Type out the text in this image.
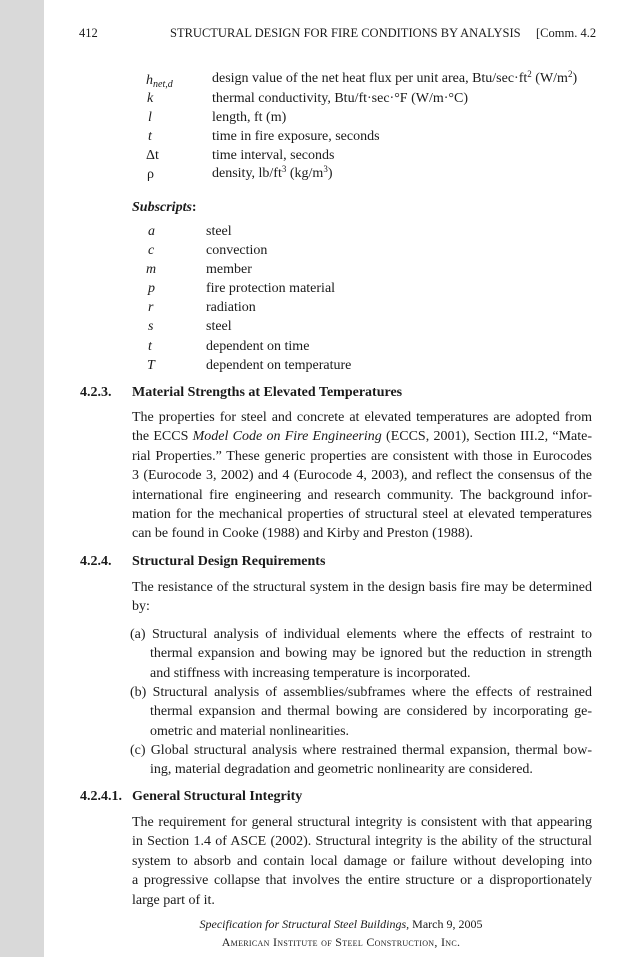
412	STRUCTURAL DESIGN FOR FIRE CONDITIONS BY ANALYSIS [Comm. 4.2
$h_{net,d}$	design value of the net heat flux per unit area, Btu/$\sec\cdot ft^2$ $(W/m^2)$
k	thermal conductivity, Btu/ft·sec·°F (W/m·°C)
l	length, ft (m)
t	time in fire exposure, seconds
Δt	time interval, seconds
ρ	density, $lb/ft^3$ $(kg/m^3)$
Subscripts:
a	steel
c	convection
m	member
p	fire protection material
r	radiation
s	steel
t	dependent on time
T	dependent on temperature
4.2.3. Material Strengths at Elevated Temperatures
The properties for steel and concrete at elevated temperatures are adopted from
the ECCS Model Code on Fire Engineering (ECCS, 2001), Section III.2, “Mate-
rial Properties.” These generic properties are consistent with those in Eurocodes
3 (Eurocode 3, 2002) and 4 (Eurocode 4, 2003), and reflect the consensus of the
international fire engineering and research community. The background infor-
mation for the mechanical properties of structural steel at elevated temperatures
can be found in Cooke (1988) and Kirby and Preston (1988).
4.2.4. Structural Design Requirements
The resistance of the structural system in the design basis fire may be determined
by:
(a) Structural analysis of individual elements where the effects of restraint to
thermal expansion and bowing may be ignored but the reduction in strength
and stiffness with increasing temperature is incorporated.
(b) Structural analysis of assemblies/subframes where the effects of restrained
thermal expansion and thermal bowing are considered by incorporating ge-
ometric and material nonlinearities.
(c) Global structural analysis where restrained thermal expansion, thermal bow-
ing, material degradation and geometric nonlinearity are considered.
4.2.4.1. General Structural Integrity
The requirement for general structural integrity is consistent with that appearing
in Section 1.4 of ASCE (2002). Structural integrity is the ability of the structural
system to absorb and contain local damage or failure without developing into
a progressive collapse that involves the entire structure or a disproportionately
large part of it.
Specification for Structural Steel Buildings, March 9, 2005
American Institute of Steel Construction, Inc.
